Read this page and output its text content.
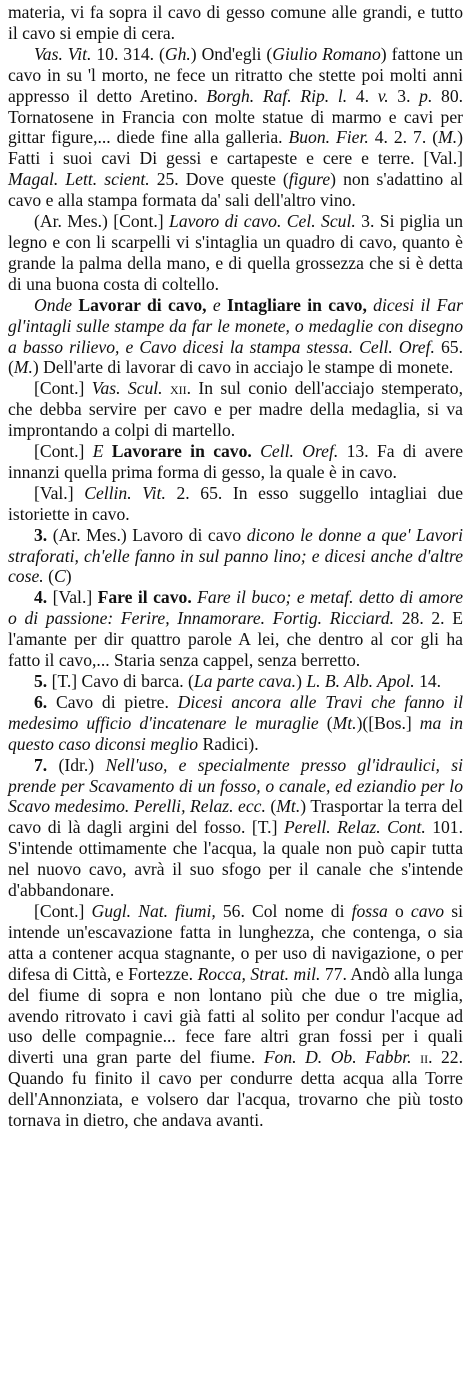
materia, vi fa sopra il cavo di gesso comune alle grandi, e tutto il cavo si empie di cera.

Vas. Vit. 10. 314. (Gh.) Ond'egli (Giulio Romano) fattone un cavo in su 'l morto, ne fece un ritratto che stette poi molti anni appresso il detto Aretino. Borgh. Raf. Rip. l. 4. v. 3. p. 80. Tornatosene in Francia con molte statue di marmo e cavi per gittar figure,... diede fine alla galleria. Buon. Fier. 4. 2. 7. (M.) Fatti i suoi cavi Di gessi e cartapeste e cere e terre. [Val.] Magal. Lett. scient. 25. Dove queste (figure) non s'adattino al cavo e alla stampa formata da' sali dell'altro vino.

(Ar. Mes.) [Cont.] Lavoro di cavo. Cel. Scul. 3. Si piglia un legno e con li scarpelli vi s'intaglia un quadro di cavo, quanto è grande la palma della mano, e di quella grossezza che si è detta di una buona costa di coltello.

Onde Lavorar di cavo, e Intagliare in cavo, dicesi il Far gl'intagli sulle stampe da far le monete, o medaglie con disegno a basso rilievo, e Cavo dicesi la stampa stessa. Cell. Oref. 65. (M.) Dell'arte di lavorar di cavo in acciajo le stampe di monete.

[Cont.] Vas. Scul. xii. In sul conio dell'acciajo stemperato, che debba servire per cavo e per madre della medaglia, si va improntando a colpi di martello.

[Cont.] E Lavorare in cavo. Cell. Oref. 13. Fa di avere innanzi quella prima forma di gesso, la quale è in cavo.

[Val.] Cellin. Vit. 2. 65. In esso suggello intagliai due istoriette in cavo.

3. (Ar. Mes.) Lavoro di cavo dicono le donne a que' Lavori straforati, ch'elle fanno in sul panno lino; e dicesi anche d'altre cose. (C)

4. [Val.] Fare il cavo. Fare il buco; e metaf. detto di amore o di passione: Ferire, Innamorare. Fortig. Ricciard. 28. 2. E l'amante per dir quattro parole A lei, che dentro al cor gli ha fatto il cavo,... Staria senza cappel, senza berretto.

5. [T.] Cavo di barca. (La parte cava.) L. B. Alb. Apol. 14.

6. Cavo di pietre. Dicesi ancora alle Travi che fanno il medesimo ufficio d'incatenare le muraglie (Mt.)([Bos.] ma in questo caso diconsi meglio Radici).

7. (Idr.) Nell'uso, e specialmente presso gl'idraulici, si prende per Scavamento di un fosso, o canale, ed eziandio per lo Scavo medesimo. Perelli, Relaz. ecc. (Mt.) Trasportar la terra del cavo di là dagli argini del fosso. [T.] Perell. Relaz. Cont. 101. S'intende ottimamente che l'acqua, la quale non può capir tutta nel nuovo cavo, avrà il suo sfogo per il canale che s'intende d'abbandonare.

[Cont.] Gugl. Nat. fiumi, 56. Col nome di fossa o cavo si intende un'escavazione fatta in lunghezza, che contenga, o sia atta a contener acqua stagnante, o per uso di navigazione, o per difesa di Città, e Fortezze. Rocca, Strat. mil. 77. Andò alla lunga del fiume di sopra e non lontano più che due o tre miglia, avendo ritrovato i cavi già fatti al solito per condur l'acque ad uso delle compagnie... fece fare altri gran fossi per i quali diverti una gran parte del fiume. Fon. D. Ob. Fabbr. ii. 22. Quando fu finito il cavo per condurre detta acqua alla Torre dell'Annonziata, e volsero dar l'acqua, trovarno che più tosto tornava in dietro, che andava avanti.
